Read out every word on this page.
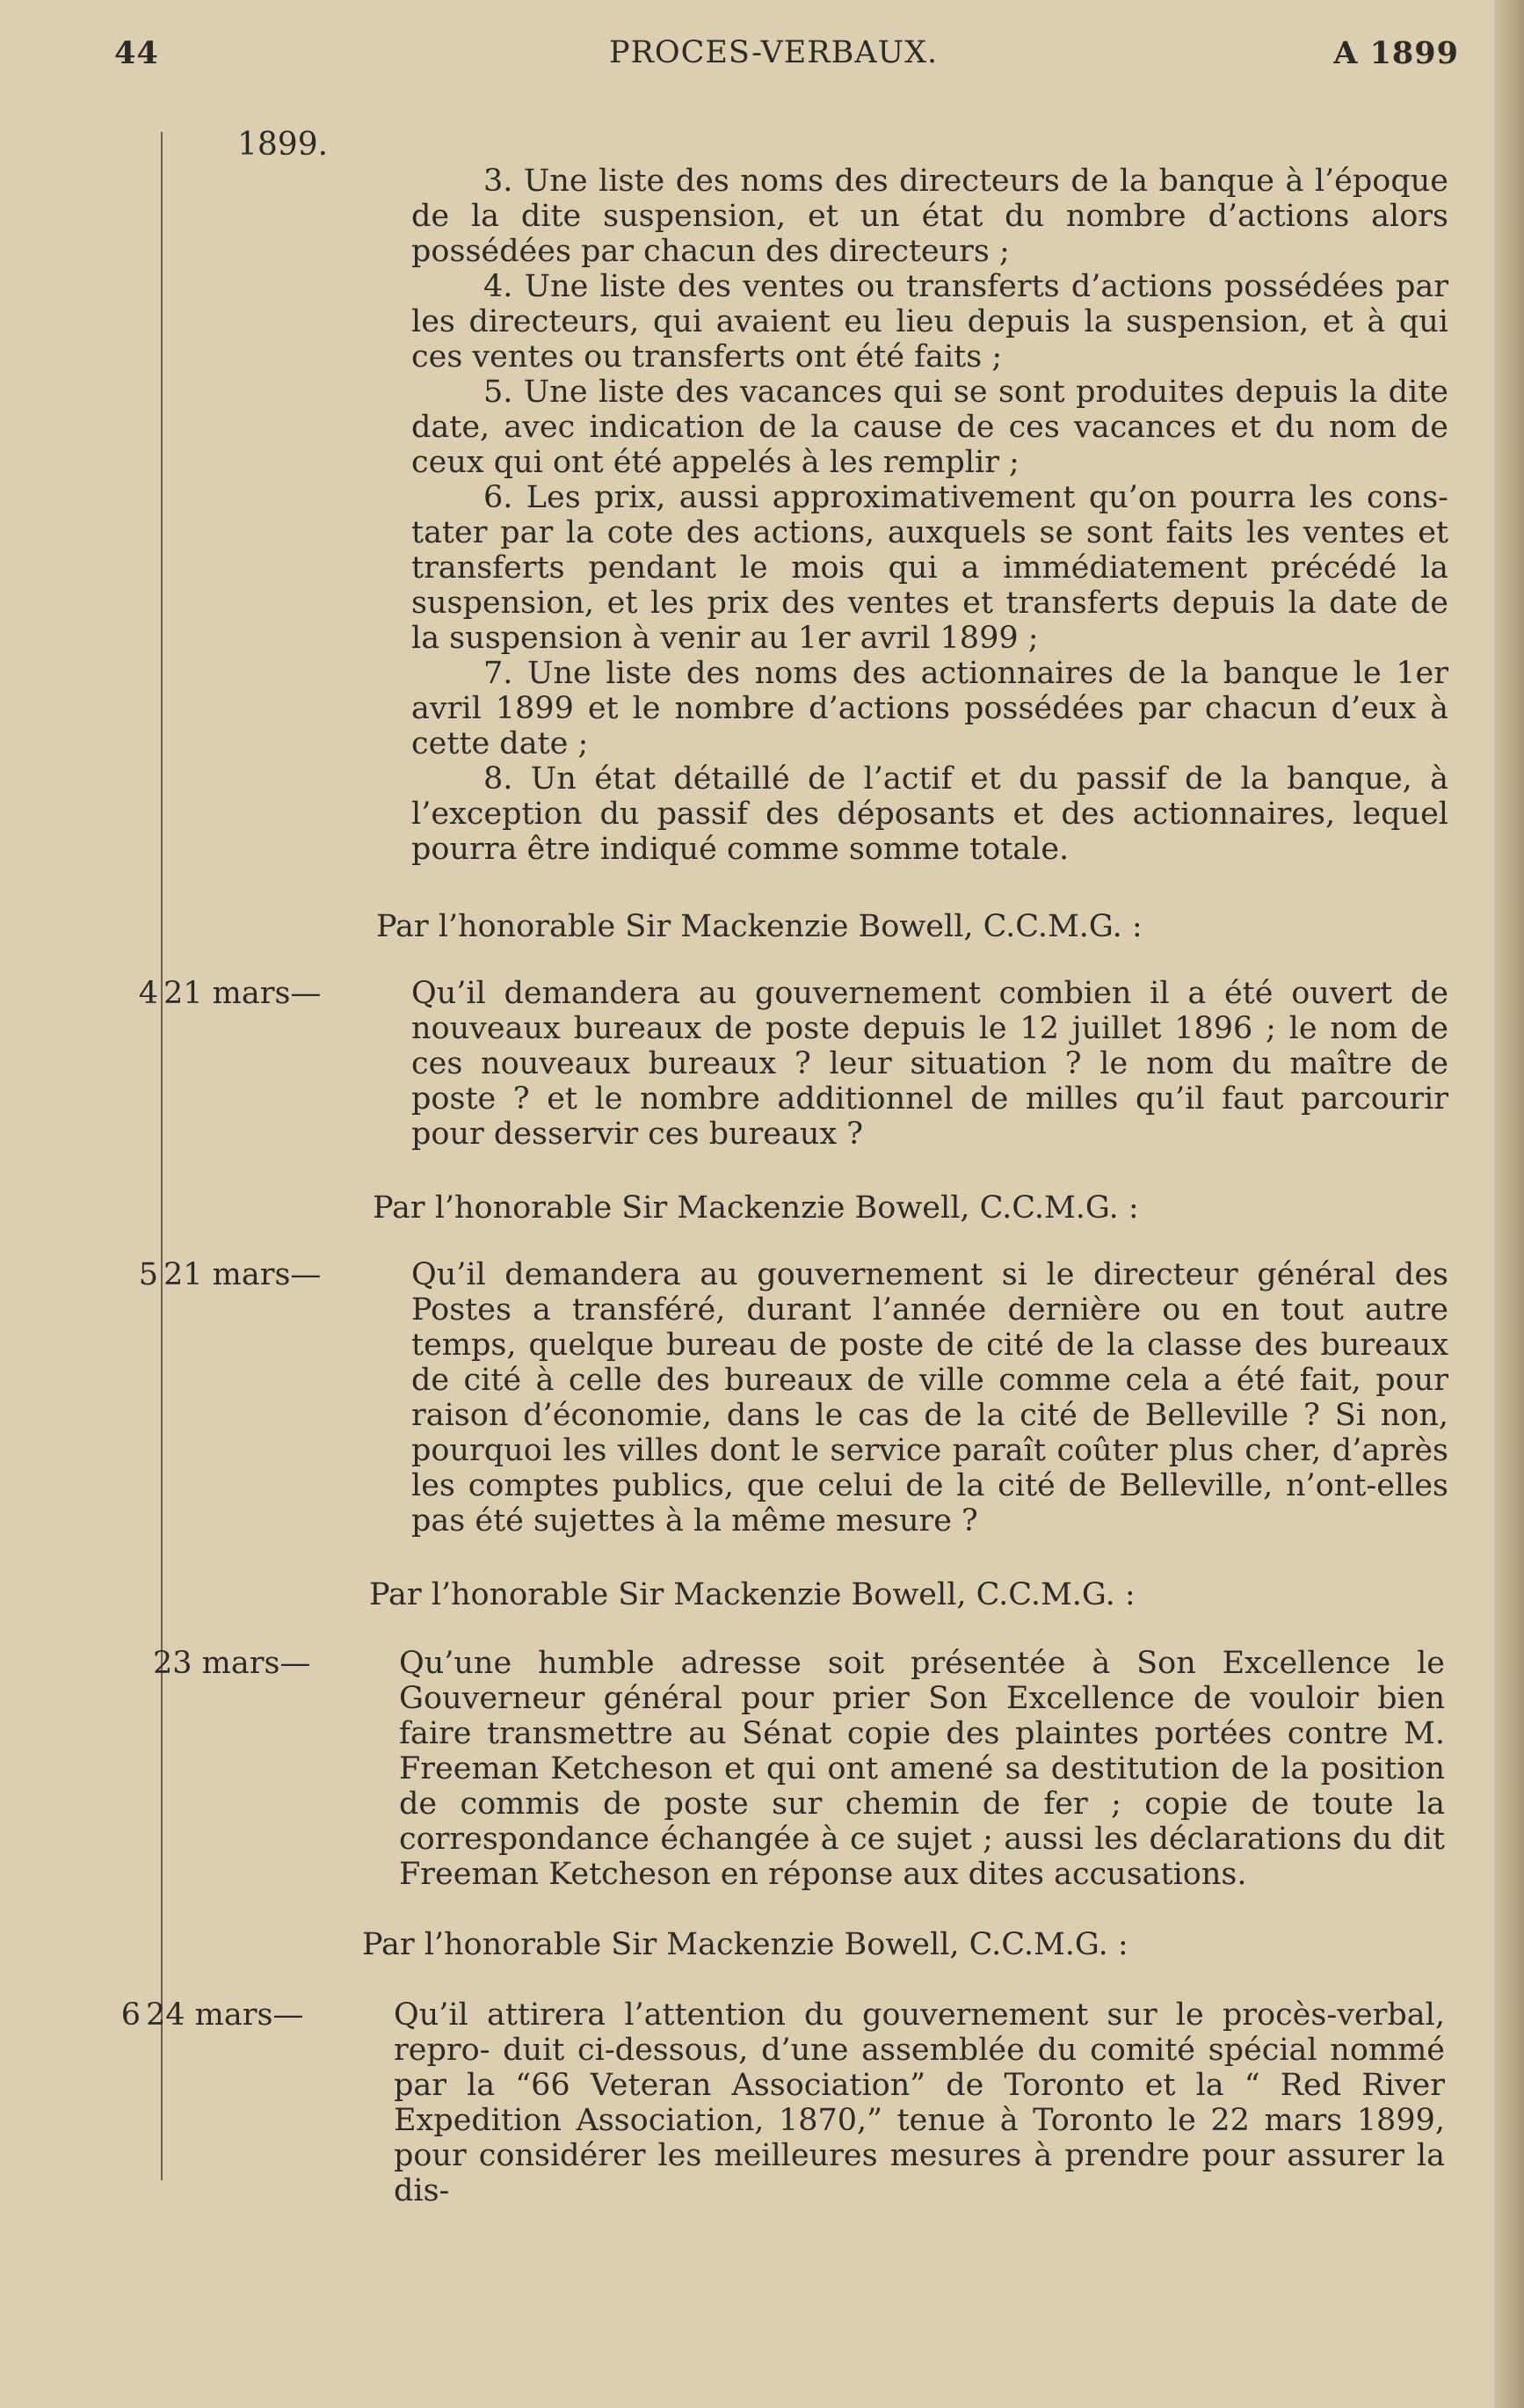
44	PROCES-VERBAUX.	A 1899
1899.

3. Une liste des noms des directeurs de la banque à l’époque de la dite suspension, et un état du nombre d’actions alors possédées par chacun des directeurs ;

4. Une liste des ventes ou transferts d’actions possédées par les directeurs, qui avaient eu lieu depuis la suspension, et à qui ces ventes ou transferts ont été faits ;

5. Une liste des vacances qui se sont produites depuis la dite date, avec indication de la cause de ces vacances et du nom de ceux qui ont été appelés à les remplir ;

6. Les prix, aussi approximativement qu’on pourra les cons- tater par la cote des actions, auxquels se sont faits les ventes et transferts pendant le mois qui a immédiatement précédé la suspension, et les prix des ventes et transferts depuis la date de la suspension à venir au 1er avril 1899 ;

7. Une liste des noms des actionnaires de la banque le 1er avril 1899 et le nombre d’actions possédées par chacun d’eux à cette date ;

8. Un état détaillé de l’actif et du passif de la banque, à l’exception du passif des déposants et des actionnaires, lequel pourra être indiqué comme somme totale.

Par l’honorable Sir Mackenzie Bowell, C.C.M.G. :
Par l’honorable Sir Mackenzie Bowell, C.C.M.G. :
Par l’honorable Sir Mackenzie Bowell, C.C.M.G. :
Par l’honorable Sir Mackenzie Bowell, C.C.M.G. :
4 21 mars—	Qu’il demandera au gouvernement combien il a été ouvert de nouveaux bureaux de poste depuis le 12 juillet 1896 ; le nom de ces nouveaux bureaux ? leur situation ? le nom du maître de poste ? et le nombre additionnel de milles qu’il faut parcourir pour desservir ces bureaux ?
5 21 mars—	Qu’il demandera au gouvernement si le directeur général des Postes a transféré, durant l’année dernière ou en tout autre temps, quelque bureau de poste de cité de la classe des bureaux de cité à celle des bureaux de ville comme cela a été fait, pour raison d’économie, dans le cas de la cité de Belleville ? Si non, pourquoi les villes dont le service paraît coûter plus cher, d’après les comptes publics, que celui de la cité de Belleville, n’ont-elles pas été sujettes à la même mesure ?
23 mars—	Qu’une humble adresse soit présentée à Son Excellence le Gouverneur général pour prier Son Excellence de vouloir bien faire transmettre au Sénat copie des plaintes portées contre M. Freeman Ketcheson et qui ont amené sa destitution de la position de commis de poste sur chemin de fer ; copie de toute la correspondance échangée à ce sujet ; aussi les déclarations du dit Freeman Ketcheson en réponse aux dites accusations.
6 24 mars—	Qu’il attirera l’attention du gouvernement sur le procès-verbal, repro- duit ci-dessous, d’une assemblée du comité spécial nommé par la “66 Veteran Association” de Toronto et la “ Red River Expedition Association, 1870,” tenue à Toronto le 22 mars 1899, pour considérer les meilleures mesures à prendre pour assurer la dis-
